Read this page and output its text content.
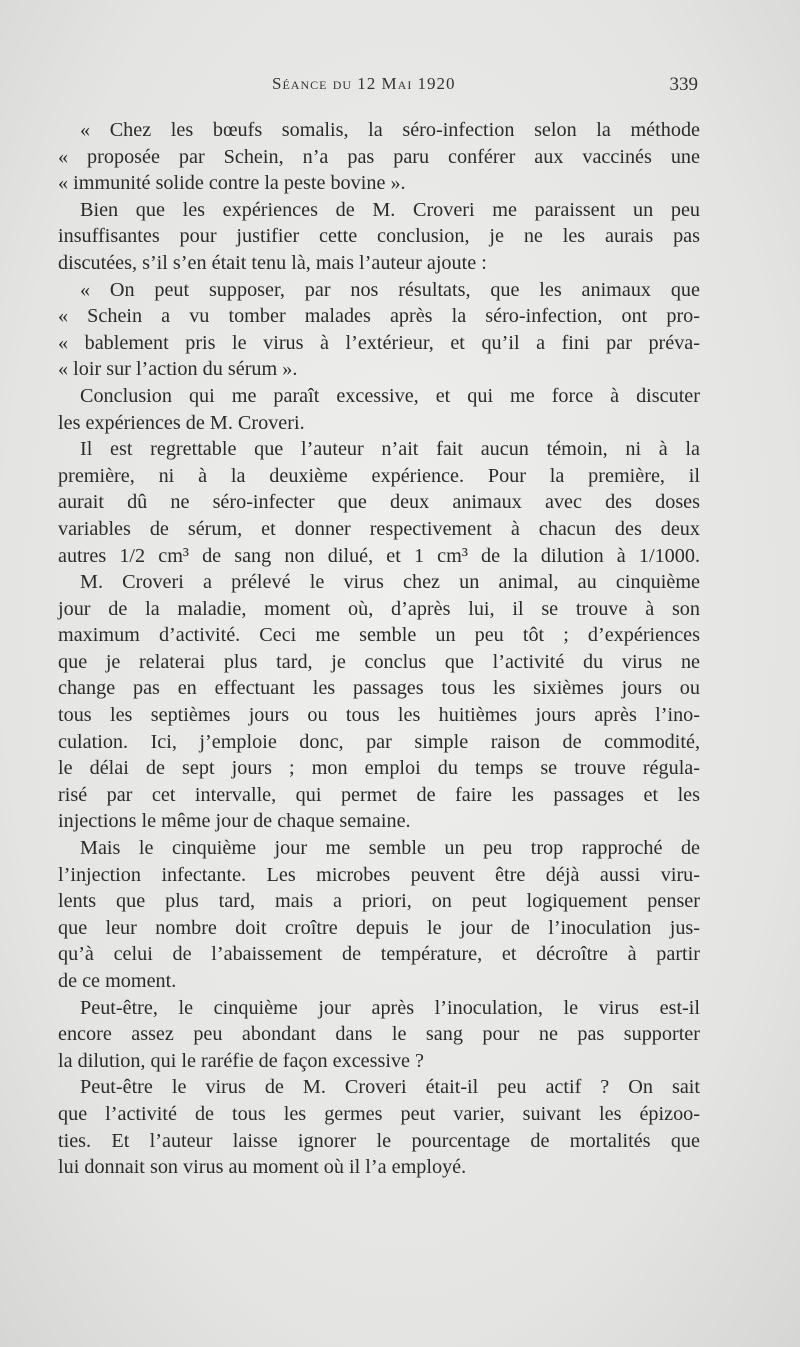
Séance du 12 Mai 1920	339
« Chez les bœufs somalis, la séro-infection selon la méthode
« proposée par Schein, n’a pas paru conférer aux vaccinés une
« immunité solide contre la peste bovine ».
Bien que les expériences de M. Croveri me paraissent un peu
insuffisantes pour justifier cette conclusion, je ne les aurais pas
discutées, s’il s’en était tenu là, mais l’auteur ajoute :
« On peut supposer, par nos résultats, que les animaux que
« Schein a vu tomber malades après la séro-infection, ont pro-
« bablement pris le virus à l’extérieur, et qu’il a fini par préva-
« loir sur l’action du sérum ».
Conclusion qui me paraît excessive, et qui me force à discuter
les expériences de M. Croveri.
Il est regrettable que l’auteur n’ait fait aucun témoin, ni à la
première, ni à la deuxième expérience. Pour la première, il
aurait dû ne séro-infecter que deux animaux avec des doses
variables de sérum, et donner respectivement à chacun des deux
autres 1/2 cm³ de sang non dilué, et 1 cm³ de la dilution à 1/1000.
M. Croveri a prélevé le virus chez un animal, au cinquième
jour de la maladie, moment où, d’après lui, il se trouve à son
maximum d’activité. Ceci me semble un peu tôt ; d’expériences
que je relaterai plus tard, je conclus que l’activité du virus ne
change pas en effectuant les passages tous les sixièmes jours ou
tous les septièmes jours ou tous les huitièmes jours après l’ino-
culation. Ici, j’emploie donc, par simple raison de commodité,
le délai de sept jours ; mon emploi du temps se trouve régula-
risé par cet intervalle, qui permet de faire les passages et les
injections le même jour de chaque semaine.
Mais le cinquième jour me semble un peu trop rapproché de
l’injection infectante. Les microbes peuvent être déjà aussi viru-
lents que plus tard, mais a priori, on peut logiquement penser
que leur nombre doit croître depuis le jour de l’inoculation jus-
qu’à celui de l’abaissement de température, et décroître à partir
de ce moment.
Peut-être, le cinquième jour après l’inoculation, le virus est-il
encore assez peu abondant dans le sang pour ne pas supporter
la dilution, qui le raréfie de façon excessive ?
Peut-être le virus de M. Croveri était-il peu actif ? On sait
que l’activité de tous les germes peut varier, suivant les épizoo-
ties. Et l’auteur laisse ignorer le pourcentage de mortalités que
lui donnait son virus au moment où il l’a employé.
